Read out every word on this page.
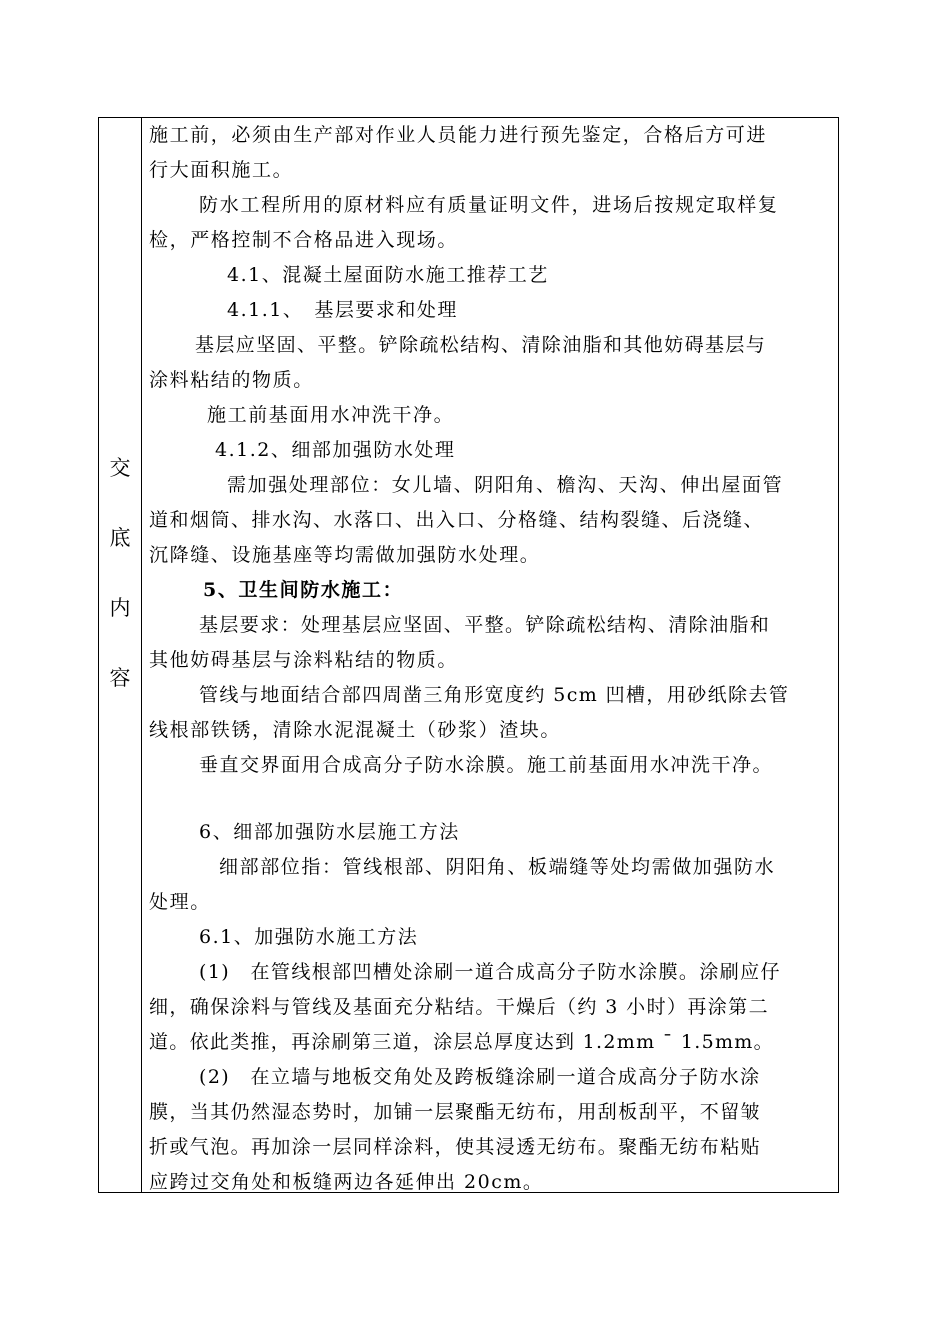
交
底
内
容
施工前，必须由生产部对作业人员能力进行预先鉴定，合格后方可进
行大面积施工。
防水工程所用的原材料应有质量证明文件，进场后按规定取样复
检，严格控制不合格品进入现场。
4.1、混凝土屋面防水施工推荐工艺
4.1.1、　基层要求和处理
基层应坚固、平整。铲除疏松结构、清除油脂和其他妨碍基层与
涂料粘结的物质。
施工前基面用水冲洗干净。
4.1.2、细部加强防水处理
需加强处理部位：女儿墙、阴阳角、檐沟、天沟、伸出屋面管
道和烟筒、排水沟、水落口、出入口、分格缝、结构裂缝、后浇缝、
沉降缝、设施基座等均需做加强防水处理。
5、卫生间防水施工：
基层要求：处理基层应坚固、平整。铲除疏松结构、清除油脂和
其他妨碍基层与涂料粘结的物质。
管线与地面结合部四周凿三角形宽度约 5cm 凹槽，用砂纸除去管
线根部铁锈，清除水泥混凝土（砂浆）渣块。
垂直交界面用合成高分子防水涂膜。施工前基面用水冲洗干净。
6、细部加强防水层施工方法
细部部位指：管线根部、阴阳角、板端缝等处均需做加强防水
处理。
6.1、加强防水施工方法
(1)　在管线根部凹槽处涂刷一道合成高分子防水涂膜。涂刷应仔
细，确保涂料与管线及基面充分粘结。干燥后（约 3 小时）再涂第二
道。依此类推，再涂刷第三道，涂层总厚度达到 1.2mm ¯ 1.5mm。
(2)　在立墙与地板交角处及跨板缝涂刷一道合成高分子防水涂
膜，当其仍然湿态势时，加铺一层聚酯无纺布，用刮板刮平，不留皱
折或气泡。再加涂一层同样涂料，使其浸透无纺布。聚酯无纺布粘贴
应跨过交角处和板缝两边各延伸出 20cm。
